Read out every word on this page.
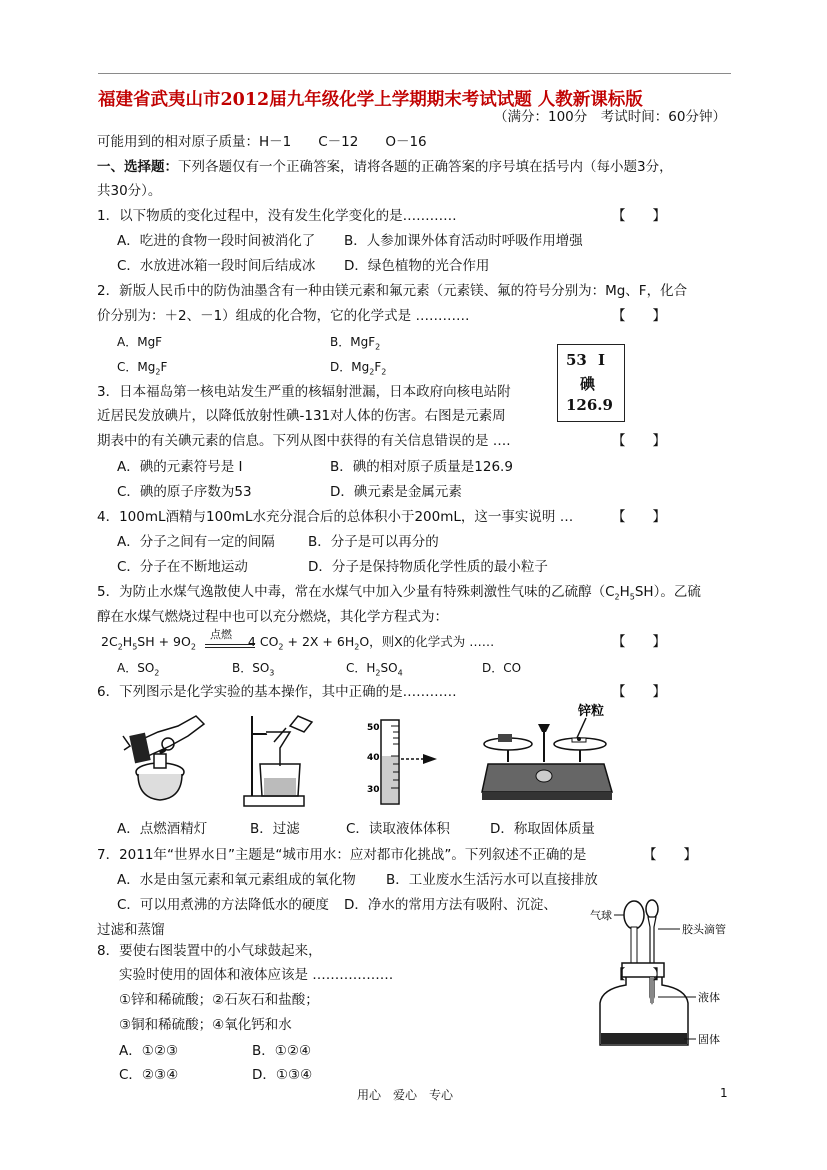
福建省武夷山市2012届九年级化学上学期期末考试试题 人教新课标版
（满分：100分　考试时间：60分钟）
可能用到的相对原子质量：H－1　　C－12　　O－16
一、选择题：下列各题仅有一个正确答案，请将各题的正确答案的序号填在括号内（每小题3分，
共30分）。
1．以下物质的变化过程中，没有发生化学变化的是…………	【　　】
A．吃进的食物一段时间被消化了 B．人参加课外体育活动时呼吸作用增强
C．水放进冰箱一段时间后结成冰 D．绿色植物的光合作用
2．新版人民币中的防伪油墨含有一种由镁元素和氟元素（元素镁、氟的符号分别为：Mg、F，化合
价分别为：＋2、－1）组成的化合物，它的化学式是 …………	【　　】
A．MgF	B．MgF$_2$
C．$Mg_2F$	D．$Mg_2F_2$
53 I
碘
126.9
3．日本福岛第一核电站发生严重的核辐射泄漏，日本政府向核电站附
近居民发放碘片，以降低放射性碘-131对人体的伤害。右图是元素周
期表中的有关碘元素的信息。下列从图中获得的有关信息错误的是 ….	【　　】
A．碘的元素符号是 I	B．碘的相对原子质量是126.9
C．碘的原子序数为53	D．碘元素是金属元素
4．100mL酒精与100mL水充分混合后的总体积小于200mL，这一事实说明 …	【　　】
A．分子之间有一定的间隔 B．分子是可以再分的
C．分子在不断地运动	D．分子是保持物质化学性质的最小粒子
5．为防止水煤气逸散使人中毒，常在水煤气中加入少量有特殊刺激性气味的乙硫醇$(C_2H_5SH)$。乙硫
醇在水煤气燃烧过程中也可以充分燃烧，其化学方程式为：
$2C_2H_5SH + 9O_2$	4 $CO_2 + 2X + 6H_2O$，则X的化学式为 ……
点燃	【　　】
A．$SO_2$	B．$SO_3$	C．$H_2SO_4$	D．CO
6．下列图示是化学实验的基本操作，其中正确的是…………	【　　】
50
40
30
锌粒
A．点燃酒精灯	B．过滤	C．读取液体体积	D．称取固体质量
7．2011年“世界水日”主题是“城市用水：应对都市化挑战”。下列叙述不正确的是	【　　】
A．水是由氢元素和氧元素组成的氧化物 B．工业废水生活污水可以直接排放
C．可以用煮沸的方法降低水的硬度 D．净水的常用方法有吸附、沉淀、
过滤和蒸馏
气球
胶头滴管
液体
固体
8．要使右图装置中的小气球鼓起来，
实验时使用的固体和液体应该是 ………………	【　　】
①锌和稀硫酸；②石灰石和盐酸；
③铜和稀硫酸；④氧化钙和水
A．①②③	B．①②④
C．②③④	D．①③④
用心　爱心　专心	1
